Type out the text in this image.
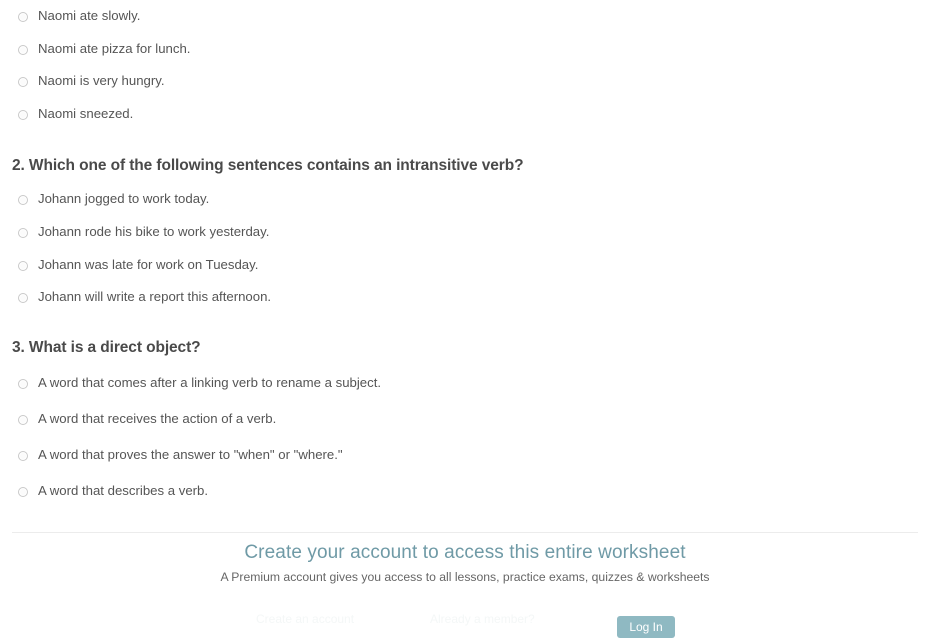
Naomi ate slowly.
Naomi ate pizza for lunch.
Naomi is very hungry.
Naomi sneezed.
2. Which one of the following sentences contains an intransitive verb?
Johann jogged to work today.
Johann rode his bike to work yesterday.
Johann was late for work on Tuesday.
Johann will write a report this afternoon.
3. What is a direct object?
A word that comes after a linking verb to rename a subject.
A word that receives the action of a verb.
A word that proves the answer to "when" or "where."
A word that describes a verb.
Create your account to access this entire worksheet
A Premium account gives you access to all lessons, practice exams, quizzes & worksheets
Create an account	Already a member?
Log In
